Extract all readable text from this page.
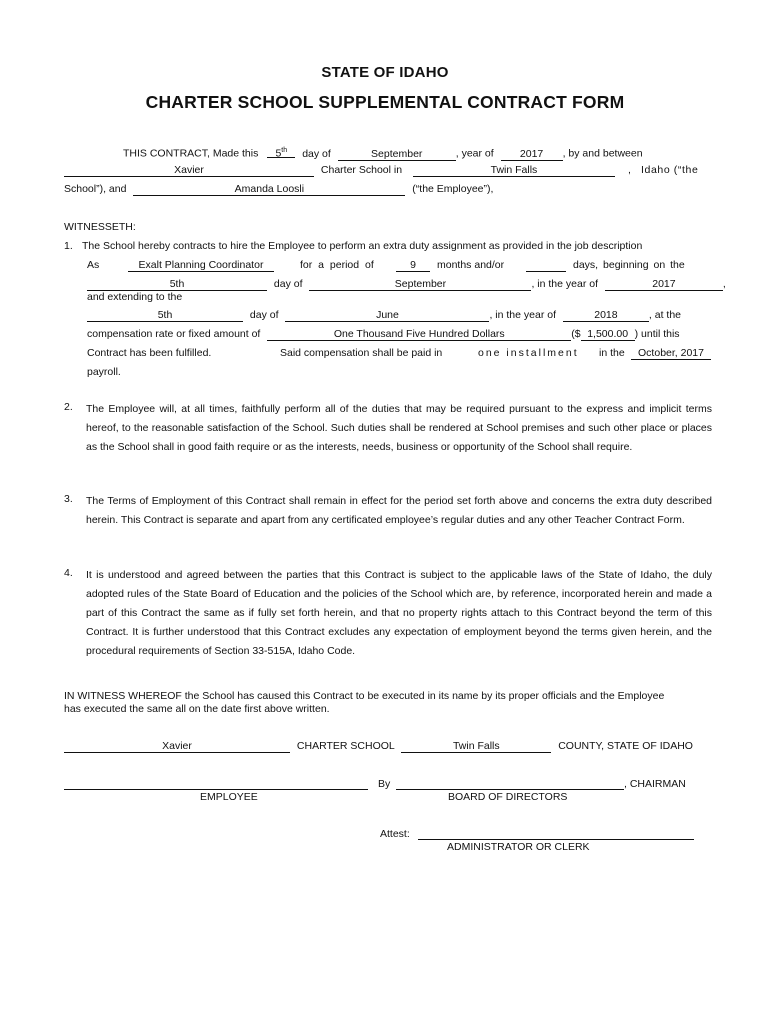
STATE OF IDAHO
CHARTER SCHOOL SUPPLEMENTAL CONTRACT FORM
THIS CONTRACT, Made this 5th day of	September	, year of 2017 , by and between
Xavier	Charter School in	Twin Falls	, Idaho (“the
School”), and	Amanda Loosli	(“the Employee”),
WITNESSETH:
1. The School hereby contracts to hire the Employee to perform an extra duty assignment as provided in the job description
As	Exalt Planning Coordinator	for a period of	9	months and/or	days, beginning on the
5th	day of	September	, in the year of	2017	,
and extending to the
5th	day of	June	, in the year of	2018	, at the
compensation rate or fixed amount of	One Thousand Five Hundred Dollars	($ 1,500.00 ) until this
Contract has been fulfilled.	Said compensation shall be paid in	one installment in the	October, 2017
payroll.
2. The Employee will, at all times, faithfully perform all of the duties that may be required pursuant to the express and implicit terms hereof, to the reasonable satisfaction of the School. Such duties shall be rendered at School premises and such other place or places as the School shall in good faith require or as the interests, needs, business or opportunity of the School shall require.
3. The Terms of Employment of this Contract shall remain in effect for the period set forth above and concerns the extra duty described herein. This Contract is separate and apart from any certificated employee’s regular duties and any other Teacher Contract Form.
4. It is understood and agreed between the parties that this Contract is subject to the applicable laws of the State of Idaho, the duly adopted rules of the State Board of Education and the policies of the School which are, by reference, incorporated herein and made a part of this Contract the same as if fully set forth herein, and that no property rights attach to this Contract beyond the term of this Contract. It is further understood that this Contract excludes any expectation of employment beyond the terms given herein, and the procedural requirements of Section 33-515A, Idaho Code.
IN WITNESS WHEREOF the School has caused this Contract to be executed in its name by its proper officials and the Employee has executed the same all on the date first above written.
Xavier	CHARTER SCHOOL	Twin Falls	COUNTY, STATE OF IDAHO
By	, CHAIRMAN
EMPLOYEE	BOARD OF DIRECTORS
Attest:
ADMINISTRATOR OR CLERK
